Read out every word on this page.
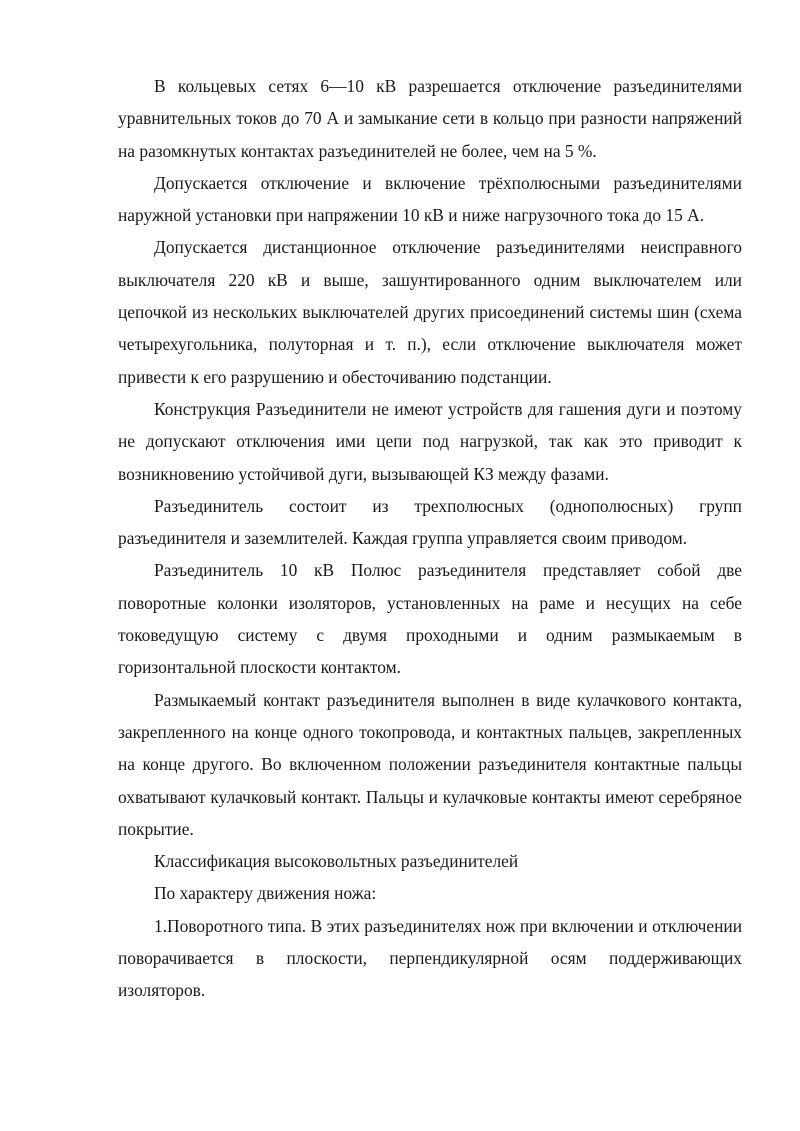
В кольцевых сетях 6—10 кВ разрешается отключение разъединителями уравнительных токов до 70 А и замыкание сети в кольцо при разности напряжений на разомкнутых контактах разъединителей не более, чем на 5 %.

Допускается отключение и включение трёхполюсными разъединителями наружной установки при напряжении 10 кВ и ниже нагрузочного тока до 15 А.

Допускается дистанционное отключение разъединителями неисправного выключателя 220 кВ и выше, зашунтированного одним выключателем или цепочкой из нескольких выключателей других присоединений системы шин (схема четырехугольника, полуторная и т. п.), если отключение выключателя может привести к его разрушению и обесточиванию подстанции.

Конструкция Разъединители не имеют устройств для гашения дуги и поэтому не допускают отключения ими цепи под нагрузкой, так как это приводит к возникновению устойчивой дуги, вызывающей КЗ между фазами.

Разъединитель состоит из трехполюсных (однополюсных) групп разъединителя и заземлителей. Каждая группа управляется своим приводом.

Разъединитель 10 кВ Полюс разъединителя представляет собой две поворотные колонки изоляторов, установленных на раме и несущих на себе токоведущую систему с двумя проходными и одним размыкаемым в горизонтальной плоскости контактом.

Размыкаемый контакт разъединителя выполнен в виде кулачкового контакта, закрепленного на конце одного токопровода, и контактных пальцев, закрепленных на конце другого. Во включенном положении разъединителя контактные пальцы охватывают кулачковый контакт. Пальцы и кулачковые контакты имеют серебряное покрытие.

Классификация высоковольтных разъединителей

По характеру движения ножа:

1.Поворотного типа. В этих разъединителях нож при включении и отключении поворачивается в плоскости, перпендикулярной осям поддерживающих изоляторов.
